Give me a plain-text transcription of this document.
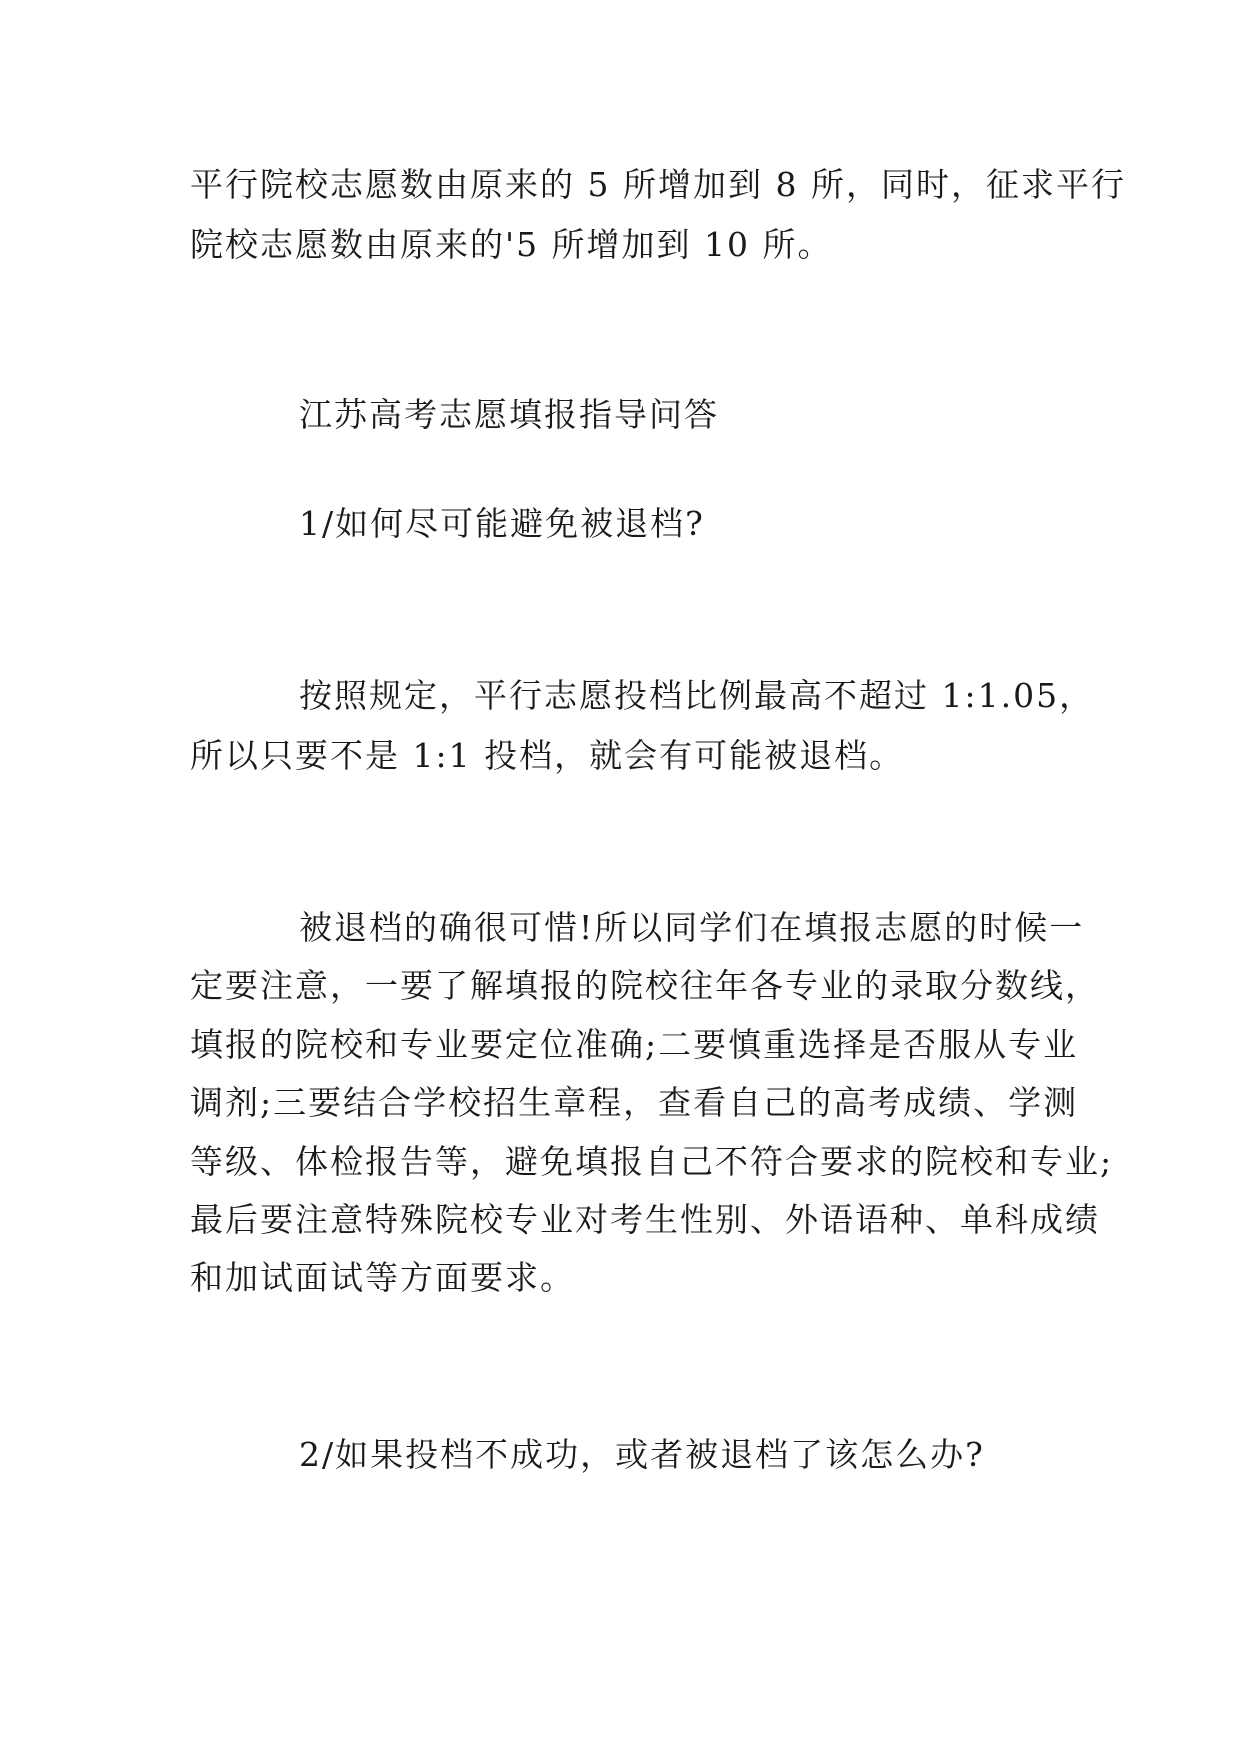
平行院校志愿数由原来的 5 所增加到 8 所，同时，征求平行
院校志愿数由原来的'5 所增加到 10 所。
江苏高考志愿填报指导问答
1/如何尽可能避免被退档?
按照规定，平行志愿投档比例最高不超过 1:1.05，
所以只要不是 1:1 投档，就会有可能被退档。
被退档的确很可惜!所以同学们在填报志愿的时候一
定要注意，一要了解填报的院校往年各专业的录取分数线，
填报的院校和专业要定位准确;二要慎重选择是否服从专业
调剂;三要结合学校招生章程，查看自己的高考成绩、学测
等级、体检报告等，避免填报自己不符合要求的院校和专业;
最后要注意特殊院校专业对考生性别、外语语种、单科成绩
和加试面试等方面要求。
2/如果投档不成功，或者被退档了该怎么办?
